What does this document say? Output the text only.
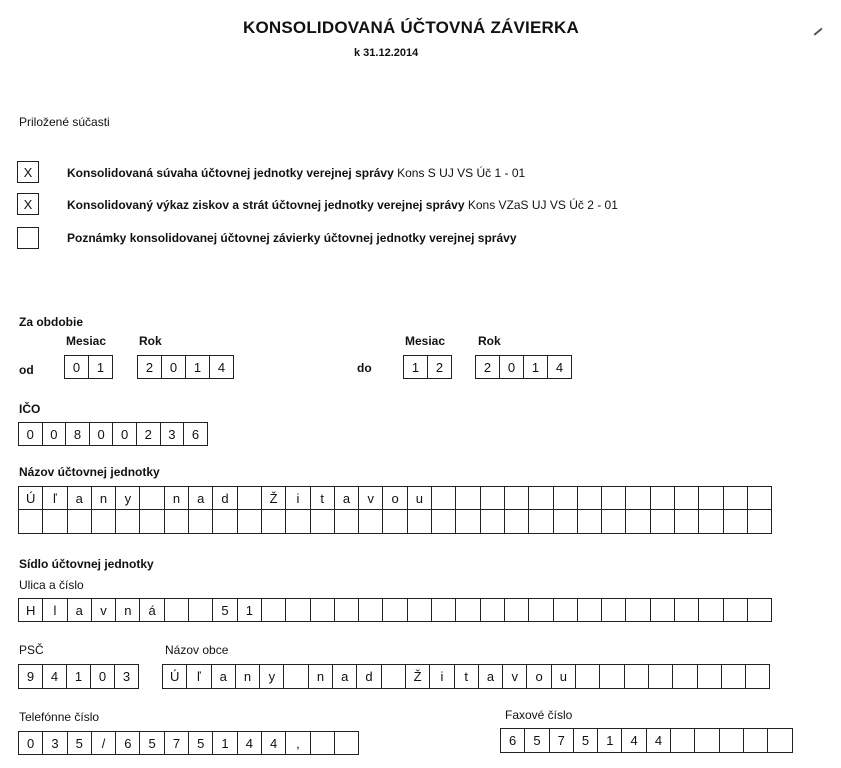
KONSOLIDOVANÁ ÚČTOVNÁ ZÁVIERKA
k 31.12.2014
Priložené súčasti
X	Konsolidovaná súvaha účtovnej jednotky verejnej správy Kons S UJ VS Úč 1 - 01
X	Konsolidovaný výkaz ziskov a strát účtovnej jednotky verejnej správy Kons VZaS UJ VS Úč 2 - 01
Poznámky konsolidovanej účtovnej závierky účtovnej jednotky verejnej správy
Za obdobie
Mesiac	Rok
od	0	1	2	0	1	4
Mesiac	Rok
do	1	2	2	0	1	4
IČO
0	0	8	0	0	2	3	6
Názov účtovnej jednotky
Ú	ľ	a	n	y	n	a	d	Ž	i	t	a	v	o	u
Sídlo účtovnej jednotky
Ulica a číslo
H	l	a	v	n	á	5	1
PSČ
9	4	1	0	3
Názov obce
Ú	ľ	a	n	y	n	a	d	Ž	i	t	a	v	o	u
Telefónne číslo
0	3	5	/	6	5	7	5	1	4	4	,
Faxové číslo
6	5	7	5	1	4	4
